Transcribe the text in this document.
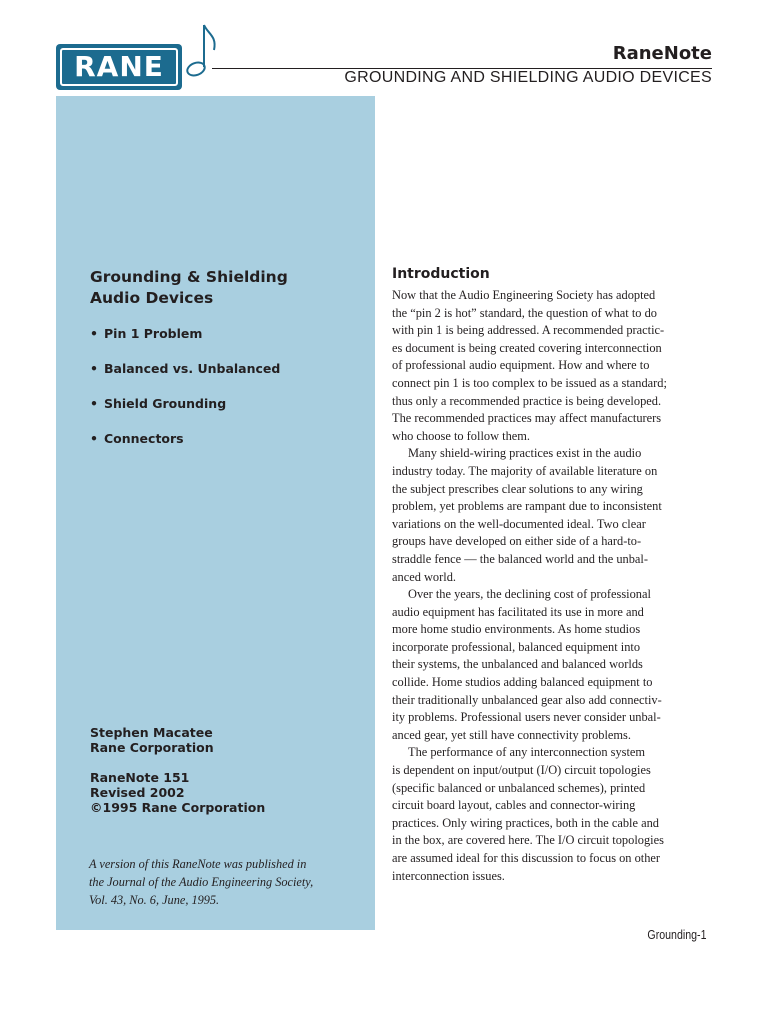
RANE	RaneNote
GROUNDING AND SHIELDING AUDIO DEVICES
Grounding & Shielding
Audio Devices
• Pin 1 Problem
• Balanced vs. Unbalanced
• Shield Grounding
• Connectors
Stephen Macatee
Rane Corporation
RaneNote 151
Revised 2002
©1995 Rane Corporation
A version of this RaneNote was published in
the Journal of the Audio Engineering Society,
Vol. 43, No. 6, June, 1995.
Introduction
Now that the Audio Engineering Society has adopted
the “pin 2 is hot” standard, the question of what to do
with pin 1 is being addressed. A recommended practic-
es document is being created covering interconnection
of professional audio equipment. How and where to
connect pin 1 is too complex to be issued as a standard;
thus only a recommended practice is being developed.
The recommended practices may affect manufacturers
who choose to follow them.
Many shield-wiring practices exist in the audio
industry today. The majority of available literature on
the subject prescribes clear solutions to any wiring
problem, yet problems are rampant due to inconsistent
variations on the well-documented ideal. Two clear
groups have developed on either side of a hard-to-
straddle fence — the balanced world and the unbal-
anced world.
Over the years, the declining cost of professional
audio equipment has facilitated its use in more and
more home studio environments. As home studios
incorporate professional, balanced equipment into
their systems, the unbalanced and balanced worlds
collide. Home studios adding balanced equipment to
their traditionally unbalanced gear also add connectiv-
ity problems. Professional users never consider unbal-
anced gear, yet still have connectivity problems.
The performance of any interconnection system
is dependent on input/output (I/O) circuit topologies
(specific balanced or unbalanced schemes), printed
circuit board layout, cables and connector-wiring
practices. Only wiring practices, both in the cable and
in the box, are covered here. The I/O circuit topologies
are assumed ideal for this discussion to focus on other
interconnection issues.
Grounding-1
